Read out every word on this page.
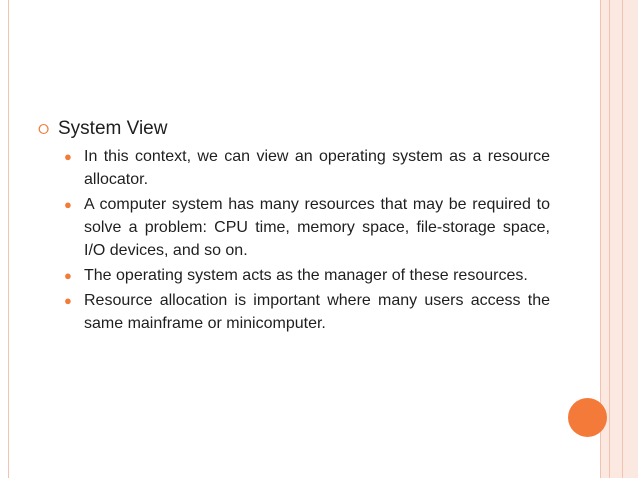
⭘ System View
● In this context, we can view an operating system as a resource allocator.
● A computer system has many resources that may be required to solve a problem: CPU time, memory space, file-storage space, I/O devices, and so on.
● The operating system acts as the manager of these resources.
● Resource allocation is important where many users access the same mainframe or minicomputer.
